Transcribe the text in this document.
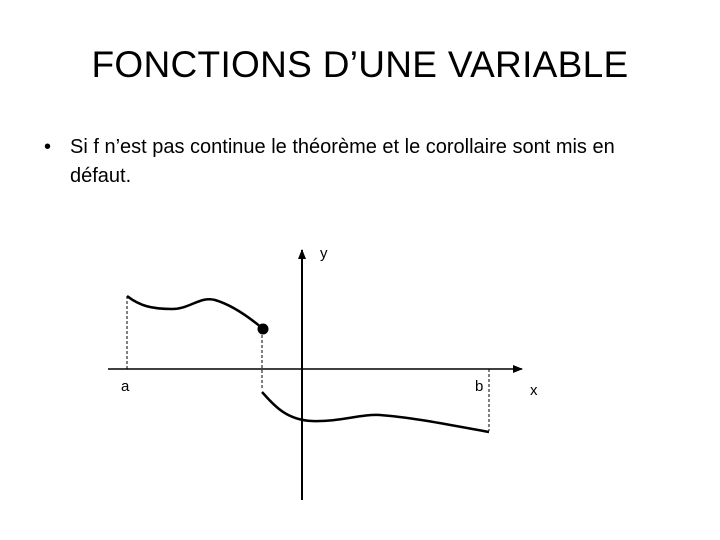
FONCTIONS D’UNE VARIABLE
• Si f n’est pas continue le théorème et le corollaire sont mis en défaut.
y
x
a	b
